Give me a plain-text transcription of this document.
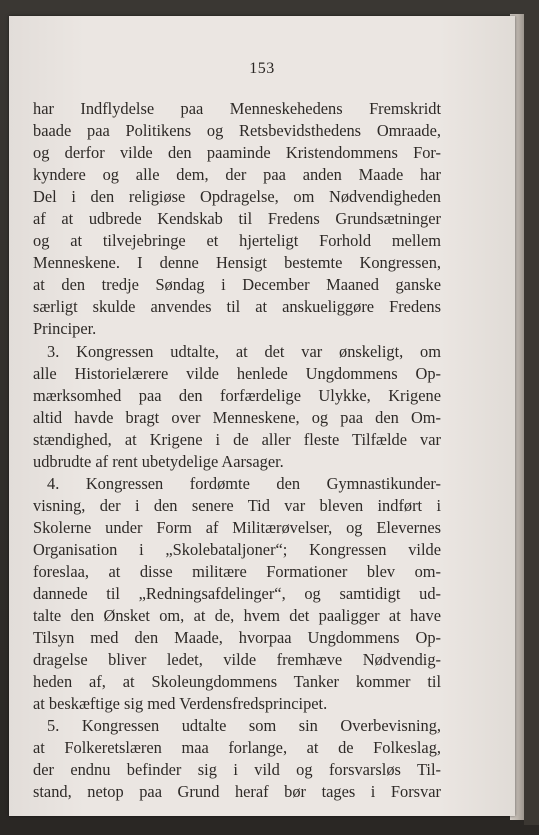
153
har Indflydelse paa Menneskehedens Fremskridt
baade paa Politikens og Retsbevidsthedens Omraade,
og derfor vilde den paaminde Kristendommens For-
kyndere og alle dem, der paa anden Maade har
Del i den religiøse Opdragelse, om Nødvendigheden
af at udbrede Kendskab til Fredens Grundsætninger
og at tilvejebringe et hjerteligt Forhold mellem
Menneskene. I denne Hensigt bestemte Kongressen,
at den tredje Søndag i December Maaned ganske
særligt skulde anvendes til at anskueliggøre Fredens
Principer.
3. Kongressen udtalte, at det var ønskeligt, om
alle Historielærere vilde henlede Ungdommens Op-
mærksomhed paa den forfærdelige Ulykke, Krigene
altid havde bragt over Menneskene, og paa den Om-
stændighed, at Krigene i de aller fleste Tilfælde var
udbrudte af rent ubetydelige Aarsager.
4. Kongressen fordømte den Gymnastikunder-
visning, der i den senere Tid var bleven indført i
Skolerne under Form af Militærøvelser, og Elevernes
Organisation i „Skolebataljoner“; Kongressen vilde
foreslaa, at disse militære Formationer blev om-
dannede til „Redningsafdelinger“, og samtidigt ud-
talte den Ønsket om, at de, hvem det paaligger at have
Tilsyn med den Maade, hvorpaa Ungdommens Op-
dragelse bliver ledet, vilde fremhæve Nødvendig-
heden af, at Skoleungdommens Tanker kommer til
at beskæftige sig med Verdensfredsprincipet.
5. Kongressen udtalte som sin Overbevisning,
at Folkeretslæren maa forlange, at de Folkeslag,
der endnu befinder sig i vild og forsvarsløs Til-
stand, netop paa Grund heraf bør tages i Forsvar
